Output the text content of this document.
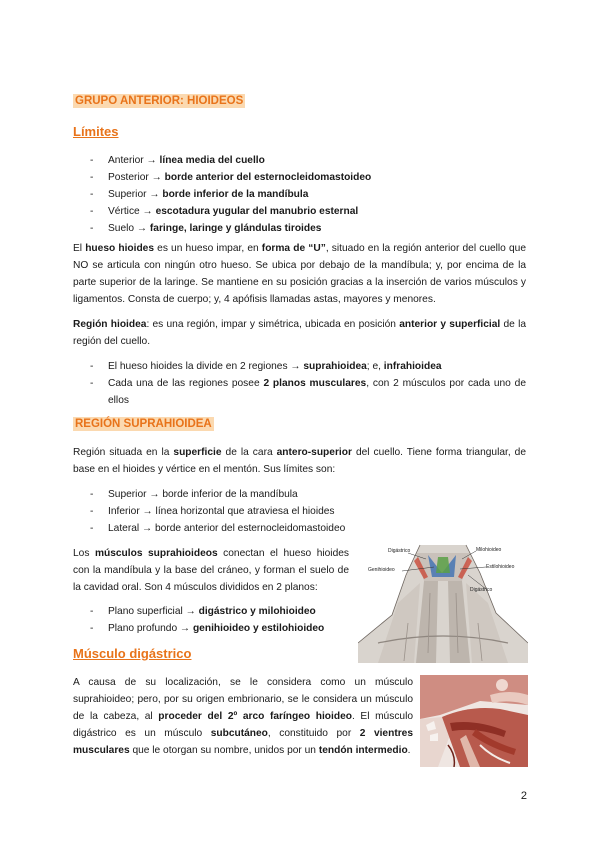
GRUPO ANTERIOR: HIOIDEOS
Límites
- Anterior → línea media del cuello
- Posterior → borde anterior del esternocleidomastoideo
- Superior → borde inferior de la mandíbula
- Vértice → escotadura yugular del manubrio esternal
- Suelo → faringe, laringe y glándulas tiroides
El hueso hioides es un hueso impar, en forma de “U”, situado en la región anterior del cuello que NO se articula con ningún otro hueso. Se ubica por debajo de la mandíbula; y, por encima de la parte superior de la laringe. Se mantiene en su posición gracias a la inserción de varios músculos y ligamentos. Consta de cuerpo; y, 4 apófisis llamadas astas, mayores y menores.
Región hioidea: es una región, impar y simétrica, ubicada en posición anterior y superficial de la región del cuello.
- El hueso hioides la divide en 2 regiones → suprahioidea; e, infrahioidea
- Cada una de las regiones posee 2 planos musculares, con 2 músculos por cada uno de ellos
REGIÓN SUPRAHIOIDEA
Región situada en la superficie de la cara antero-superior del cuello. Tiene forma triangular, de base en el hioides y vértice en el mentón. Sus límites son:
- Superior → borde inferior de la mandíbula
- Inferior → línea horizontal que atraviesa el hioides
- Lateral → borde anterior del esternocleidomastoideo
Los músculos suprahioideos conectan el hueso hioides con la mandíbula y la base del cráneo, y forman el suelo de la cavidad oral. Son 4 músculos divididos en 2 planos:
- Plano superficial → digástrico y milohioideo
- Plano profundo → genihioideo y estilohioideo
Digástrico
Genihioideo
Milohioideo
Estilohioideo
Digástrico
Músculo digástrico
A causa de su localización, se le considera como un músculo suprahioideo; pero, por su origen embrionario, se le considera un músculo de la cabeza, al proceder del 2º arco faríngeo hioideo. El músculo digástrico es un músculo subcutáneo, constituido por 2 vientres musculares que le otorgan su nombre, unidos por un tendón intermedio.
2
